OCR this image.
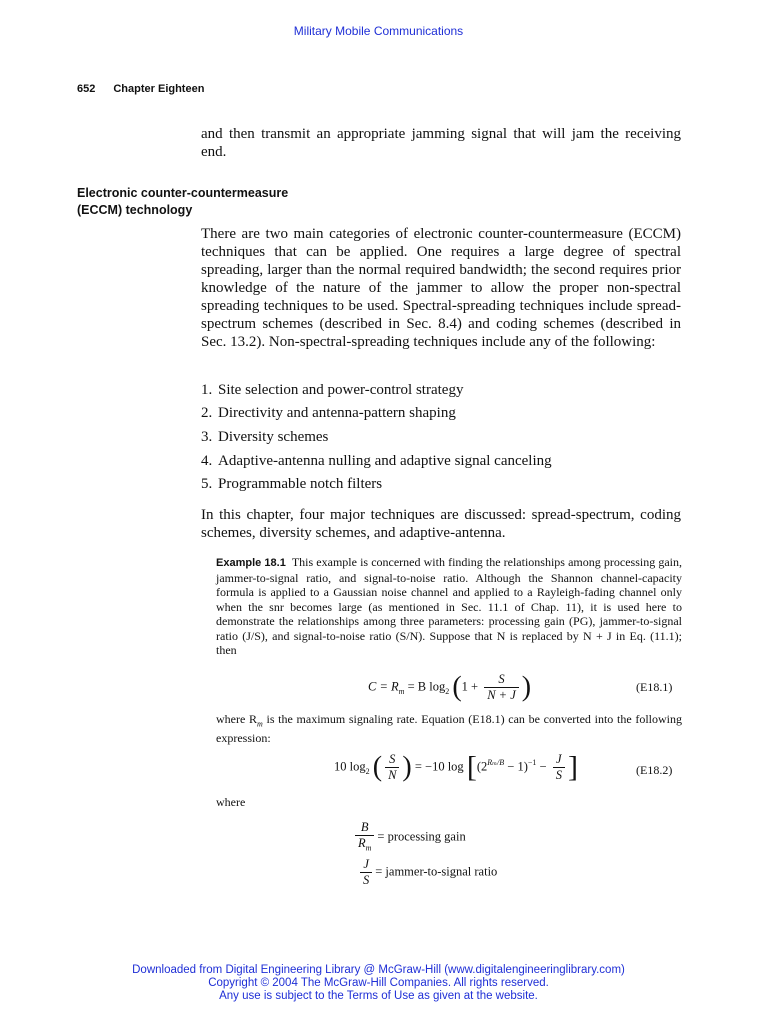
Military Mobile Communications
652 Chapter Eighteen
and then transmit an appropriate jamming signal that will jam the receiving end.
Electronic counter-countermeasure
(ECCM) technology
There are two main categories of electronic counter-countermeasure (ECCM) techniques that can be applied. One requires a large degree of spectral spreading, larger than the normal required bandwidth; the second requires prior knowledge of the nature of the jammer to allow the proper non-spectral spreading techniques to be used. Spectral-spreading techniques include spread-spectrum schemes (described in Sec. 8.4) and coding schemes (described in Sec. 13.2). Non-spectral-spreading techniques include any of the following:
1. Site selection and power-control strategy
2. Directivity and antenna-pattern shaping
3. Diversity schemes
4. Adaptive-antenna nulling and adaptive signal canceling
5. Programmable notch filters
In this chapter, four major techniques are discussed: spread-spectrum, coding schemes, diversity schemes, and adaptive-antenna.
Example 18.1 This example is concerned with finding the relationships among processing gain, jammer-to-signal ratio, and signal-to-noise ratio. Although the Shannon channel-capacity formula is applied to a Gaussian noise channel and applied to a Rayleigh-fading channel only when the snr becomes large (as mentioned in Sec. 11.1 of Chap. 11), it is used here to demonstrate the relationships among three parameters: processing gain (PG), jammer-to-signal ratio (J/S), and signal-to-noise ratio (S/N). Suppose that N is replaced by N + J in Eq. (11.1); then
$C = R_m = B$ $\log_2 (1 + \frac{S}{N + J}$ )	(E18.1)
where $R_m$ is the maximum signaling rate. Equation (E18.1) can be converted into the following expression:
10 $\log_2$ ( $\frac{S}{N}$ ) = −10 $\log [(2^{R_m/B} - 1)^{-1} - \frac{J}{S}$ ]	(E18.2)
where
$\frac{B}{R_m}$ = processing gain
$\frac{J}{S}$ = jammer-to-signal ratio
Downloaded from Digital Engineering Library @ McGraw-Hill (www.digitalengineeringlibrary.com)
Copyright © 2004 The McGraw-Hill Companies. All rights reserved.
Any use is subject to the Terms of Use as given at the website.
